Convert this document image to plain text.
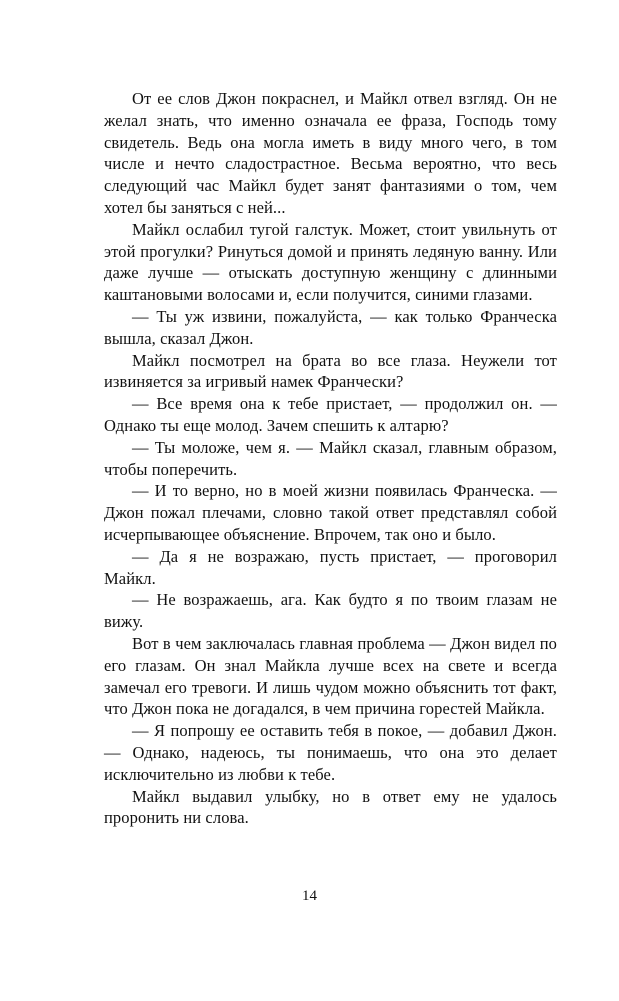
От ее слов Джон покраснел, и Майкл отвел взгляд. Он не желал знать, что именно означала ее фраза, Господь тому свидетель. Ведь она могла иметь в виду много чего, в том числе и нечто сладострастное. Весьма вероятно, что весь следующий час Майкл будет занят фантазиями о том, чем хотел бы заняться с ней...

Майкл ослабил тугой галстук. Может, стоит увильнуть от этой прогулки? Ринуться домой и принять ледяную ванну. Или даже лучше — отыскать доступную женщину с длинными каштановыми волосами и, если получится, синими глазами.

— Ты уж извини, пожалуйста, — как только Франческа вышла, сказал Джон.

Майкл посмотрел на брата во все глаза. Неужели тот извиняется за игривый намек Франчески?

— Все время она к тебе пристает, — продолжил он. — Однако ты еще молод. Зачем спешить к алтарю?

— Ты моложе, чем я. — Майкл сказал, главным образом, чтобы поперечить.

— И то верно, но в моей жизни появилась Франческа. — Джон пожал плечами, словно такой ответ представлял собой исчерпывающее объяснение. Впрочем, так оно и было.

— Да я не возражаю, пусть пристает, — проговорил Майкл.

— Не возражаешь, ага. Как будто я по твоим глазам не вижу.

Вот в чем заключалась главная проблема — Джон видел по его глазам. Он знал Майкла лучше всех на свете и всегда замечал его тревоги. И лишь чудом можно объяснить тот факт, что Джон пока не догадался, в чем причина горестей Майкла.

— Я попрошу ее оставить тебя в покое, — добавил Джон. — Однако, надеюсь, ты понимаешь, что она это делает исключительно из любви к тебе.

Майкл выдавил улыбку, но в ответ ему не удалось проронить ни слова.

14
